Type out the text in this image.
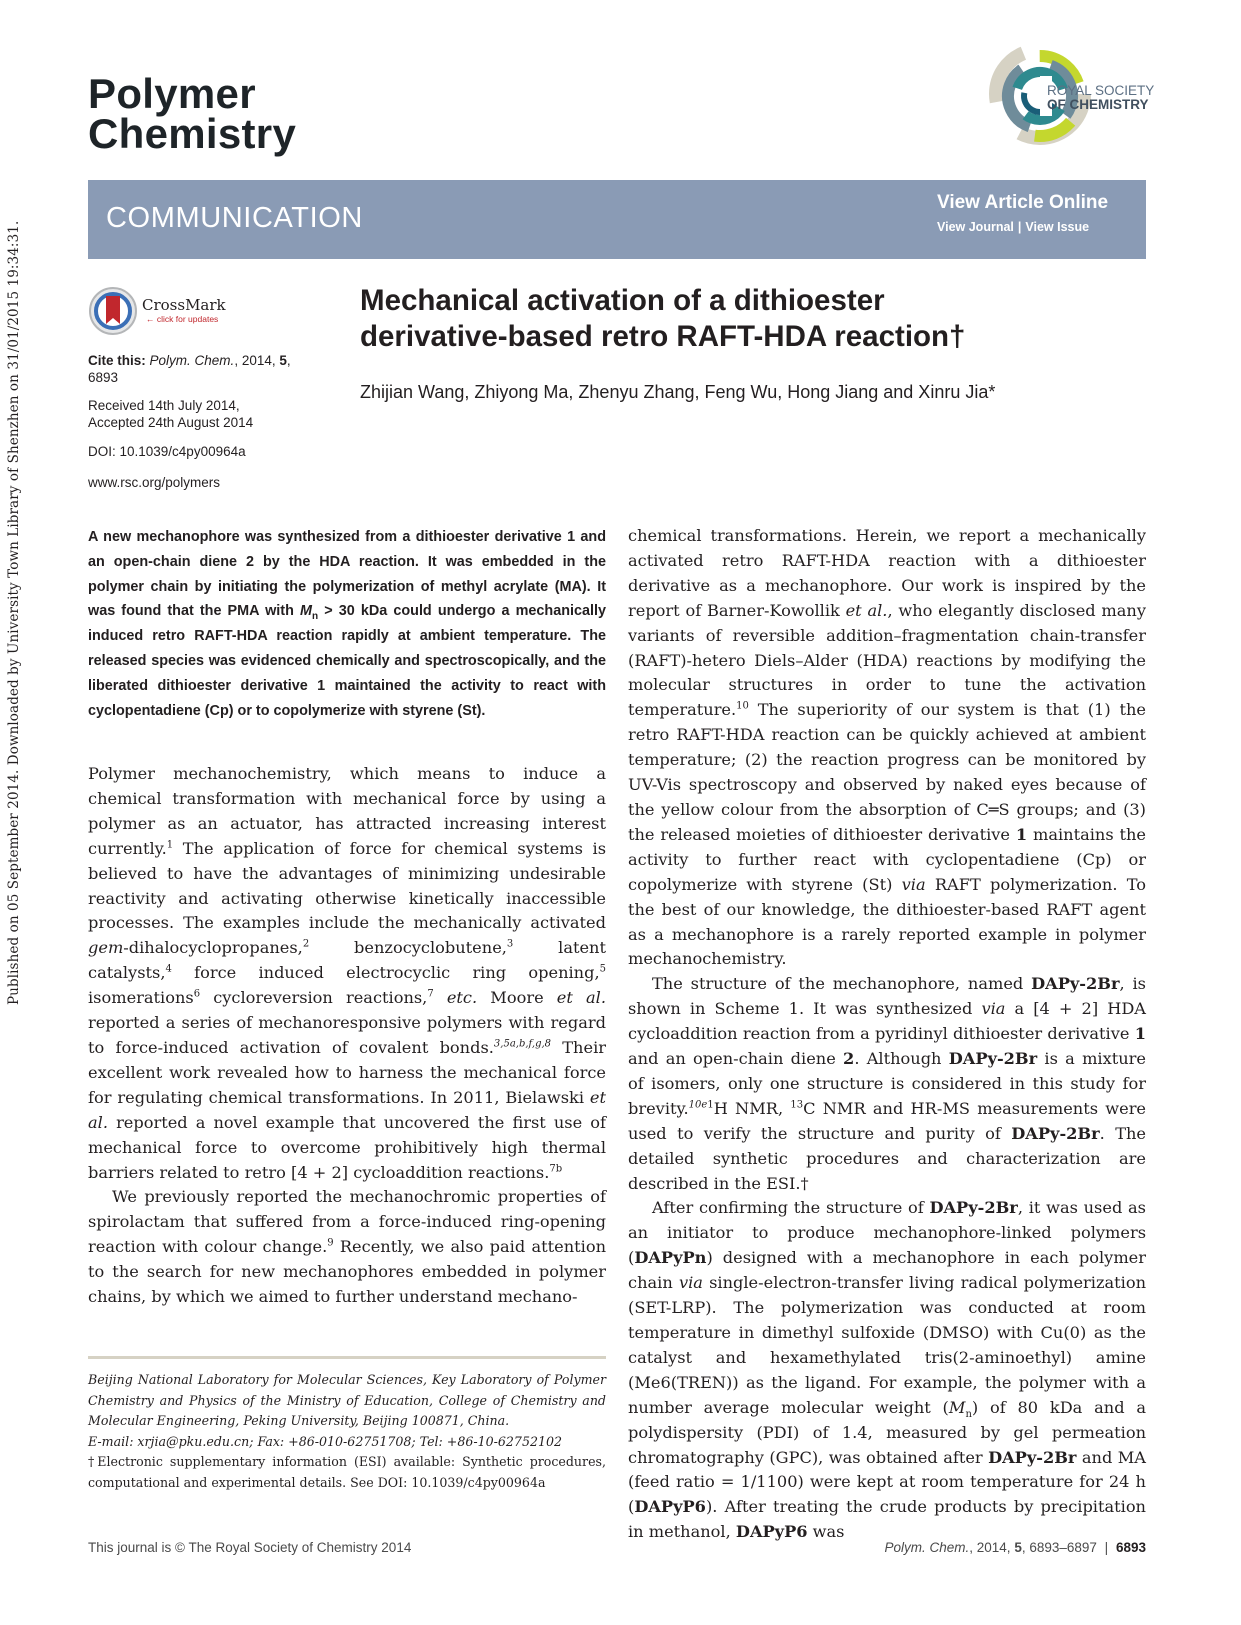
Published on 05 September 2014. Downloaded by University Town Library of Shenzhen on 31/01/2015 19:34:31.
Polymer
Chemistry
ROYAL SOCIETY
OF CHEMISTRY
COMMUNICATION	View Article Online
View Journal | View Issue
CrossMark
← click for updates
Cite this: Polym. Chem., 2014, 5, 6893
Received 14th July 2014,
Accepted 24th August 2014
DOI: 10.1039/c4py00964a
www.rsc.org/polymers
Mechanical activation of a dithioester
derivative-based retro RAFT-HDA reaction†
Zhijian Wang, Zhiyong Ma, Zhenyu Zhang, Feng Wu, Hong Jiang and Xinru Jia*
A new mechanophore was synthesized from a dithioester derivative 1 and an open-chain diene 2 by the HDA reaction. It was embedded in the polymer chain by initiating the polymerization of methyl acrylate (MA). It was found that the PMA with $M_n > 30$ kDa could undergo a mechanically induced retro RAFT-HDA reaction rapidly at ambient temperature. The released species was evidenced chemically and spectroscopically, and the liberated dithioester derivative 1 maintained the activity to react with cyclopentadiene (Cp) or to copolymerize with styrene (St).

Polymer mechanochemistry, which means to induce a chemical transformation with mechanical force by using a polymer as an actuator, has attracted increasing interest currently.$^1$ The application of force for chemical systems is believed to have the advantages of minimizing undesirable reactivity and activating otherwise kinetically inaccessible processes. The examples include the mechanically activated gem-dihalocyclopropanes,$^2$ benzocyclobutene,$^3$ latent catalysts,$^4$ force induced electrocyclic ring opening,$^5$ isomerations$^6$ cycloreversion reactions,$^7$ etc. Moore et al. reported a series of mechanoresponsive polymers with regard to force-induced activation of covalent bonds.$^{3,5a,b,f,g,8}$ Their excellent work revealed how to harness the mechanical force for regulating chemical transformations. In 2011, Bielawski et al. reported a novel example that uncovered the first use of mechanical force to overcome prohibitively high thermal barriers related to retro [4 + 2] cycloaddition reactions.$^{7b}$

We previously reported the mechanochromic properties of spirolactam that suffered from a force-induced ring-opening reaction with colour change.$^9$ Recently, we also paid attention to the search for new mechanophores embedded in polymer chains, by which we aimed to further understand mechano-

chemical transformations. Herein, we report a mechanically activated retro RAFT-HDA reaction with a dithioester derivative as a mechanophore. Our work is inspired by the report of Barner-Kowollik et al., who elegantly disclosed many variants of reversible addition–fragmentation chain-transfer (RAFT)-hetero Diels–Alder (HDA) reactions by modifying the molecular structures in order to tune the activation temperature.$^{10}$ The superiority of our system is that (1) the retro RAFT-HDA reaction can be quickly achieved at ambient temperature; (2) the reaction progress can be monitored by UV-Vis spectroscopy and observed by naked eyes because of the yellow colour from the absorption of C═S groups; and (3) the released moieties of dithioester derivative 1 maintains the activity to further react with cyclopentadiene (Cp) or copolymerize with styrene (St) via RAFT polymerization. To the best of our knowledge, the dithioester-based RAFT agent as a mechanophore is a rarely reported example in polymer mechanochemistry.

The structure of the mechanophore, named DAPy-2Br, is shown in Scheme 1. It was synthesized via a [4 + 2] HDA cycloaddition reaction from a pyridinyl dithioester derivative 1 and an open-chain diene 2. Although DAPy-2Br is a mixture of isomers, only one structure is considered in this study for brevity.$^{10e1}$H NMR, $^{13}$C NMR and HR-MS measurements were used to verify the structure and purity of DAPy-2Br. The detailed synthetic procedures and characterization are described in the ESI.†

After confirming the structure of DAPy-2Br, it was used as an initiator to produce mechanophore-linked polymers (DAPyPn) designed with a mechanophore in each polymer chain via single-electron-transfer living radical polymerization (SET-LRP). The polymerization was conducted at room temperature in dimethyl sulfoxide (DMSO) with Cu(0) as the catalyst and hexamethylated tris(2-aminoethyl) amine (Me6(TREN)) as the ligand. For example, the polymer with a number average molecular weight $(M_n)$ of 80 kDa and a polydispersity (PDI) of 1.4, measured by gel permeation chromatography (GPC), was obtained after DAPy-2Br and MA (feed ratio = 1/1100) were kept at room temperature for 24 h (DAPyP6). After treating the crude products by precipitation in methanol, DAPyP6 was

Beijing National Laboratory for Molecular Sciences, Key Laboratory of Polymer Chemistry and Physics of the Ministry of Education, College of Chemistry and Molecular Engineering, Peking University, Beijing 100871, China.
E-mail: xrjia@pku.edu.cn; Fax: +86-010-62751708; Tel: +86-10-62752102
†Electronic supplementary information (ESI) available: Synthetic procedures, computational and experimental details. See DOI: 10.1039/c4py00964a
This journal is © The Royal Society of Chemistry 2014	Polym. Chem., 2014, 5, 6893–6897 | 6893
